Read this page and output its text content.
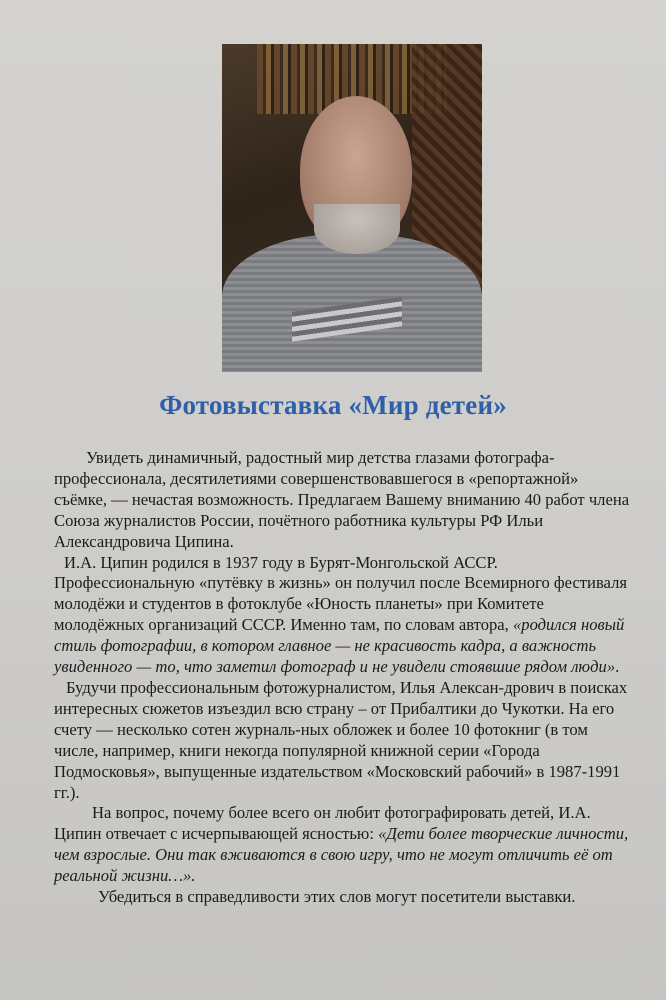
Фотовыставка «Мир детей»

Увидеть динамичный, радостный мир детства глазами фотографа-профессионала, десятилетиями совершенствовавшегося в «репортажной» съёмке, — нечастая возможность. Предлагаем Вашему вниманию 40 работ члена Союза журналистов России, почётного работника культуры РФ Ильи Александровича Ципина.

И.А. Ципин родился в 1937 году в Бурят-Монгольской АССР. Профессиональную «путёвку в жизнь» он получил после Всемирного фестиваля молодёжи и студентов в фотоклубе «Юность планеты» при Комитете молодёжных организаций СССР. Именно там, по словам автора, «родился новый стиль фотографии, в котором главное — не красивость кадра, а важность увиденного — то, что заметил фотограф и не увидели стоявшие рядом люди».

Будучи профессиональным фотожурналистом, Илья Алексан-дрович в поисках интересных сюжетов изъездил всю страну – от Прибалтики до Чукотки. На его счету — несколько сотен журналь-ных обложек и более 10 фотокниг (в том числе, например, книги некогда популярной книжной серии «Города Подмосковья», выпущенные издательством «Московский рабочий» в 1987-1991 гг.).

На вопрос, почему более всего он любит фотографировать детей, И.А. Ципин отвечает с исчерпывающей ясностью: «Дети более творческие личности, чем взрослые. Они так вживаются в свою игру, что не могут отличить её от реальной жизни…».

Убедиться в справедливости этих слов могут посетители выставки.
